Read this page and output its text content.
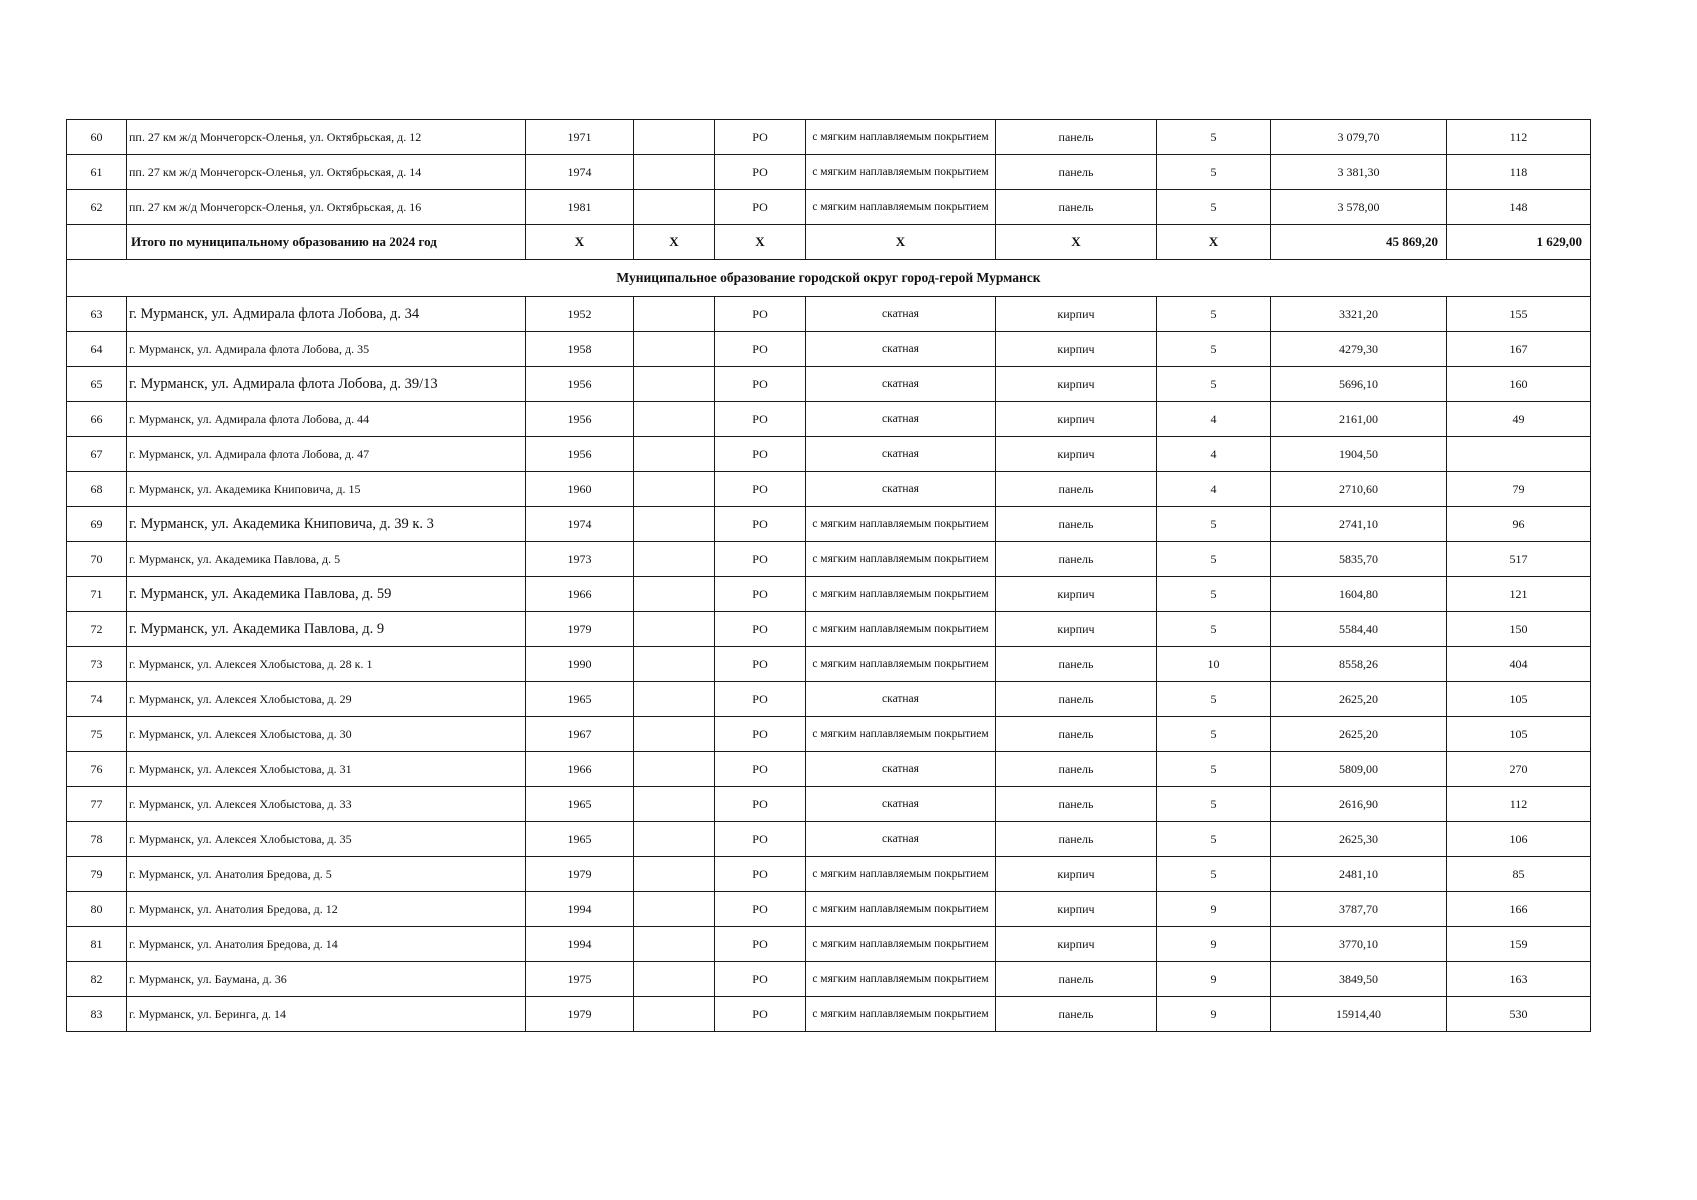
60	пп. 27 км ж/д Мончегорск-Оленья, ул. Октябрьская, д. 12	1971		РО	с мягким наплавляемым покрытием	панель	5	3 079,70	112
61	пп. 27 км ж/д Мончегорск-Оленья, ул. Октябрьская, д. 14	1974		РО	с мягким наплавляемым покрытием	панель	5	3 381,30	118
62	пп. 27 км ж/д Мончегорск-Оленья, ул. Октябрьская, д. 16	1981		РО	с мягким наплавляемым покрытием	панель	5	3 578,00	148
	Итого по муниципальному образованию на 2024 год	X	X	X	X	X	X	45 869,20	1 629,00
Муниципальное образование городской округ город-герой Мурманск									
63	г. Мурманск, ул. Адмирала флота Лобова, д. 34	1952		РО	скатная	кирпич	5	3321,20	155
64	г. Мурманск, ул. Адмирала флота Лобова, д. 35	1958		РО	скатная	кирпич	5	4279,30	167
65	г. Мурманск, ул. Адмирала флота Лобова, д. 39/13	1956		РО	скатная	кирпич	5	5696,10	160
66	г. Мурманск, ул. Адмирала флота Лобова, д. 44	1956		РО	скатная	кирпич	4	2161,00	49
67	г. Мурманск, ул. Адмирала флота Лобова, д. 47	1956		РО	скатная	кирпич	4	1904,50	
68	г. Мурманск, ул. Академика Книповича, д. 15	1960		РО	скатная	панель	4	2710,60	79
69	г. Мурманск, ул. Академика Книповича, д. 39 к. 3	1974		РО	с мягким наплавляемым покрытием	панель	5	2741,10	96
70	г. Мурманск, ул. Академика Павлова, д. 5	1973		РО	с мягким наплавляемым покрытием	панель	5	5835,70	517
71	г. Мурманск, ул. Академика Павлова, д. 59	1966		РО	с мягким наплавляемым покрытием	кирпич	5	1604,80	121
72	г. Мурманск, ул. Академика Павлова, д. 9	1979		РО	с мягким наплавляемым покрытием	кирпич	5	5584,40	150
73	г. Мурманск, ул. Алексея Хлобыстова, д. 28 к. 1	1990		РО	с мягким наплавляемым покрытием	панель	10	8558,26	404
74	г. Мурманск, ул. Алексея Хлобыстова, д. 29	1965		РО	скатная	панель	5	2625,20	105
75	г. Мурманск, ул. Алексея Хлобыстова, д. 30	1967		РО	с мягким наплавляемым покрытием	панель	5	2625,20	105
76	г. Мурманск, ул. Алексея Хлобыстова, д. 31	1966		РО	скатная	панель	5	5809,00	270
77	г. Мурманск, ул. Алексея Хлобыстова, д. 33	1965		РО	скатная	панель	5	2616,90	112
78	г. Мурманск, ул. Алексея Хлобыстова, д. 35	1965		РО	скатная	панель	5	2625,30	106
79	г. Мурманск, ул. Анатолия Бредова, д. 5	1979		РО	с мягким наплавляемым покрытием	кирпич	5	2481,10	85
80	г. Мурманск, ул. Анатолия Бредова, д. 12	1994		РО	с мягким наплавляемым покрытием	кирпич	9	3787,70	166
81	г. Мурманск, ул. Анатолия Бредова, д. 14	1994		РО	с мягким наплавляемым покрытием	кирпич	9	3770,10	159
82	г. Мурманск, ул. Баумана, д. 36	1975		РО	с мягким наплавляемым покрытием	панель	9	3849,50	163
83	г. Мурманск, ул. Беринга, д. 14	1979		РО	с мягким наплавляемым покрытием	панель	9	15914,40	530
